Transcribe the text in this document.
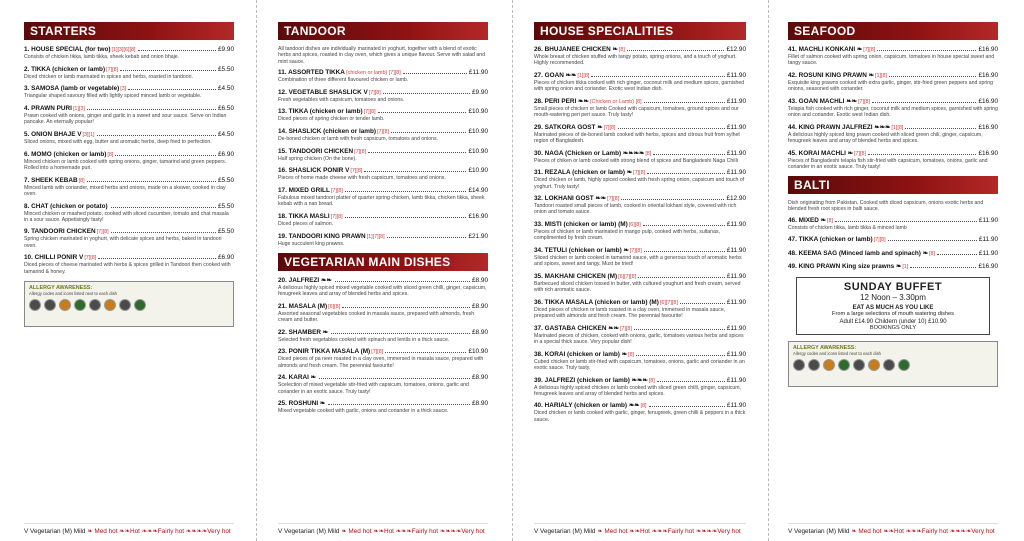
STARTERS
1. HOUSE SPECIAL (for two) [1][3][6][8]	£9.90
Consists of chicken tikka, lamb tikka, sheek kebab and onion bhaje.
2. TIKKA (chicken or lamb) [7][8]	£5.50
Diced chicken or lamb marinated in spices and herbs, roasted in tandoori.
3. SAMOSA (lamb or vegetable) [3]	£4.50
Triangular shaped savoury filled with lightly spiced minced lamb or vegetable.
4. PRAWN PURI [1][3]	£6.50
Prawn cooked with onions, ginger and garlic in a sweet and sour sauce. Serve on Indian pancake. An eternally popular!
5. ONION BHAJE V [3][1]	£4.50
Sliced onions, mixed with egg, butter and aromatic herbs, deep fried to perfection.
6. MOMO (chicken or lamb) [8]	£6.90
Minced chicken or lamb cooked with spring onions, ginger, tamarind and green peppers. Rolled into a homemade puri.
7. SHEEK KEBAB [8]	£5.50
Minced lamb with coriander, mixed herbs and onions, made on a skewer, cooked in clay oven.
8. CHAT (chicken or potato)	£5.50
Minced chicken or mashed potato, cooked with sliced cucumber, tomato and chat masala in a sour sauce. Appetisingly tasty!
9. TANDOORI CHICKEN [7][8]	£5.50
Spring chicken marinated in yoghurt, with delicate spices and herbs, baked in tandoori oven.
10. CHILLI PONIR V [7][8]	£6.90
Diced pieces of cheese marinated with herbs & spices grilled in Tandoori then cooked with tamarind & honey.
ALLERGY AWARENESS:
Allergy codes and icons listed next to each dish
V Vegetarian (M) Mild ❧ Med hot ❧❧Hot ❧❧❧Fairly hot ❧❧❧❧Very hot
TANDOOR
All tandoori dishes are individually marinated in yoghurt, together with a blend of exotic herbs and spices, roasted in clay oven, which gives a unique flavour. Serve with salad and mint sauce.
11. ASSORTED TIKKA (chicken or lamb) [7][8]	£11.90
Combination of three different flavoured chicken or lamb.
12. VEGETABLE SHASLICK V [7][8]	£9.90
Fresh vegetables with capsicum, tomatoes and onions.
13. TIKKA (chicken or lamb) [7][8]	£10.90
Diced pieces of spring chicken or tender lamb.
14. SHASLICK (chicken or lamb) [7][8]	£10.90
De-boned chicken or lamb with fresh capsicum, tomatoes and onions.
15. TANDOORI CHICKEN [7][8]	£10.90
Half spring chicken (On the bone).
16. SHASLICK PONIR V [7][8]	£10.90
Pieces of home made cheese with fresh capsicum, tomatoes and onions.
17. MIXED GRILL [7][8]	£14.90
Fabulous mixed tandoori platter of quarter spring chicken, lamb tikka, chicken tikka, sheek kebab with a nan bread.
18. TIKKA MASLI [7][8]	£16.90
Diced pieces of salmon.
19. TANDOORI KING PRAWN [1][7][8]	£21.90
Huge succulent king prawns.
VEGETARIAN MAIN DISHES
20. JALFREZI ❧❧	£8.90
A delicious highly spiced mixed vegetable cooked with sliced green chilli, ginger, capsicum, fenugreek leaves and array of blended herbs and spices.
21. MASALA (M) [6][8]	£8.90
Assorted seasonal vegetables cooked in masala sauce, prepared with almonds, fresh cream and butter.
22. SHAMBER ❧	£8.90
Selected fresh vegetables cooked with spinach and lentils in a thick sauce.
23. PONIR TIKKA MASALA (M) [7][8]	£10.90
Diced pieces of pa neer roasted in a clay oven, immersed in masala sauce, prepared with almonds and fresh cream. The perennial favourite!
24. KARAI ❧	£8.90
Scelection of mixed vegetable stir-fried with capsicum, tomatoes, onions, garlic and coriander in an exotic sauce. Truly tasty!
25. ROSHUNI ❧	£8.90
Mixed vegetable cooked with garlic, onions and coriander in a thick sauce.
V Vegetarian (M) Mild ❧ Med hot ❧❧Hot ❧❧❧Fairly hot ❧❧❧❧Very hot
HOUSE SPECIALITIES
26. BHUJANEE CHICKEN ❧ [8]	£12.90
Whole breast of chicken stuffed with tangy potato, spring onions, and a touch of yoghurt. Highly recommended.
27. GOAN ❧❧ [1][8]	£11.90
Pieces of chicken tikka cooked with rich ginger, coconut milk and medium spices, garnished with spring onion and coriander. Exotic west Indian dish.
28. PERI PERI ❧❧ (Chicken or Lamb) [8]	£11.90
Small pieces of chicken or lamb Cooked with capsicum, tomatoes, ground spices and our mouth-watering peri peri sauce. Truly tasty!
29. SATKORA GOST ❧ [7][8]	£11.90
Marinated pieces of de-boned lamb cooked with herbs, spices and citrous fruit from sylhet region of Bangladesh.
30. NAGA (Chicken or Lamb) ❧❧❧❧ [8]	£11.90
Pieces of chiken or lamb cooked with strong blend of spices and Bangladeshi Naga Chilli
31. REZALA (chicken or lamb) ❧ [7][8]	£11.90
Diced chicken or lamb, highly spiced cooked with fresh spring onion, capsicum and touch of yoghurt. Truly tasty!
32. LOKHANI GOST ❧❧ [7][8]	£12.90
Tandoori roasted small pieces of lamb, cooked in oriental lokhani style, covered with rich onion and tomato sauce.
33. MISTI (chicken or lamb) (M) [6][8]	£11.90
Pieces of chicken or lamb marinated in mango pulp, cooked with herbs, sultanas, complimented by fresh cream.
34. TETULI (chicken or lamb) ❧ [7][8]	£11.90
Sliced chicken or lamb cooked in tamarind sauce, with a generous touch of aromatic herbs and spices, sweet and tangy. Must be tried!
35. MAKHANI CHICKEN (M) [6][7][8]	£11.90
Barbecued sliced chicken tossed in butter, with cultured youghurt and fresh cream, served with rich aromatic sauce.
36. TIKKA MASALA (chicken or lamb) (M) [6][7][8]	£11.90
Diced pieces of chicken or lamb roasted in a clay oven, immersed in masala sauce, prepared with almonds and fresh cream. The perennial favourite!
37. GASTABA CHICKEN ❧❧ [7][8]	£11.90
Marinated pieces of chicken, cooked with onions, garlic, tomatoes various herbs and spices in a special thick sauce. Very popular dish!
38. KORAI (chicken or lamb) ❧ [8]	£11.90
Cubed chicken or lamb stir-fried with capsicum, tomatoes, onions, garlic and coriander in an exotic sauce. Truly tasty.
39. JALFREZI (chicken or lamb) ❧❧❧ [8]	£11.90
A delicious highly spiced chicken or lamb cooked with sliced green chilli, ginger, capsicum, fenugreek leaves and array of blended herbs and spices.
40. HARIALY (chicken or lamb) ❧❧ [8]	£11.90
Diced chicken or lamb cooked with garlic, ginger, fenugreek, green chilli & peppers in a thick sauce.
V Vegetarian (M) Mild ❧ Med hot ❧❧Hot ❧❧❧Fairly hot ❧❧❧❧Very hot
SEAFOOD
41. MACHLI KONKANI ❧ [7][8]	£16.90
Fillet of salmon cooked with spring onion, capsicum, tomatoes in house special sweet and tangy sauce.
42. ROSUNI KING PRAWN ❧ [1][8]	£16.90
Exquisite king prawns cooked with extra garlic, ginger, stir-fried green peppers and spring onions, seasoned with coriander.
43. GOAN MACHLI ❧❧ [7][8]	£16.90
Telapia fish cooked with rich ginger, coconut milk and medium spices, garnished with spring onion and coriander. Exotic west Indian dish.
44. KING PRAWN JALFREZI ❧❧❧ [1][8]	£16.90
A delicious highly spiced king prawn cooked with sliced green chili, ginger, capsicum, fenugreek leaves and array of blended herbs and spices.
45. KORAI MACHLI ❧ [7][8]	£16.90
Pieces of Bangladeshi telapia fish stir-fried with capsicum, tomatoes, onions, garlic and coriander in an exotic sauce. Truly tasty!
BALTI
Dish originating from Pakistan. Cooked with diced capsicum, onions exotic herbs and blended fresh root spices in balti sauce.
46. MIXED ❧ [8]	£11.90
Consists of chicken tikka, lamb tikka & minced lamb
47. TIKKA (chicken or lamb) [7][8]	£11.90
48. KEEMA SAG (Minced lamb and spinach) ❧ [8]	£11.90
49. KING PRAWN King size prawns ❧ [1]	£16.90
SUNDAY BUFFET
12 Noon – 3.30pm
EAT AS MUCH AS YOU LIKE
From a large selections of mouth watering dishes
Adult £14.90 Childern (under 10) £10.90
BOOKINGS ONLY
ALLERGY AWARENESS:
Allergy codes and icons listed next to each dish
V Vegetarian (M) Mild ❧ Med hot ❧❧Hot ❧❧❧Fairly hot ❧❧❧❧Very hot
